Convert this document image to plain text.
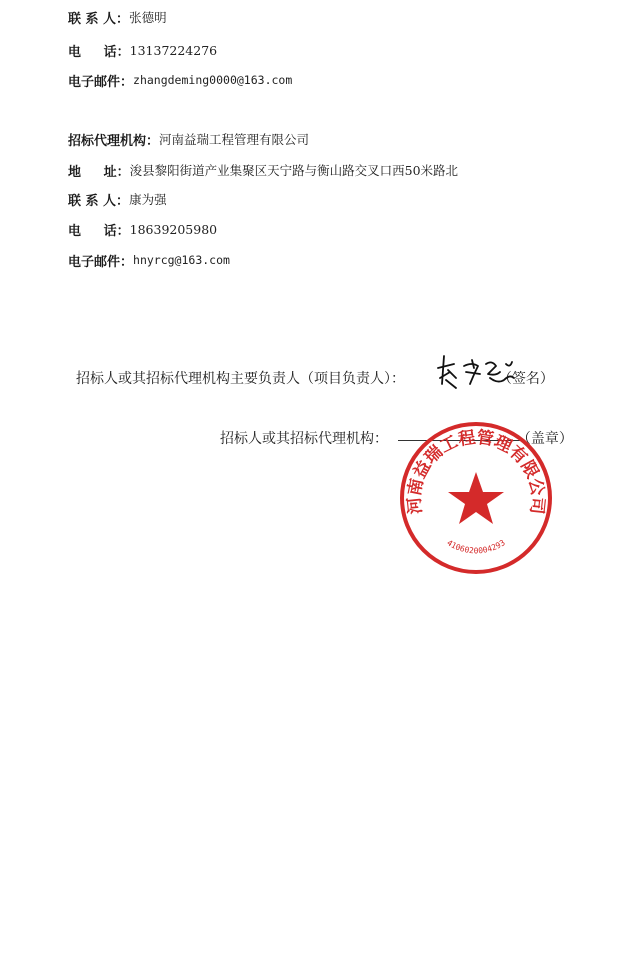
联 系 人： 张德明
电     话： 13137224276
电子邮件： zhangdeming0000@163.com
招标代理机构： 河南益瑞工程管理有限公司
地     址： 浚县黎阳街道产业集聚区天宁路与衡山路交叉口西50米路北
联 系 人： 康为强
电     话： 18639205980
电子邮件： hnyrcg@163.com
招标人或其招标代理机构主要负责人（项目负责人）：	（签名）
招标人或其招标代理机构：	（盖章）
河南益瑞工程管理有限公司
4106020004293
